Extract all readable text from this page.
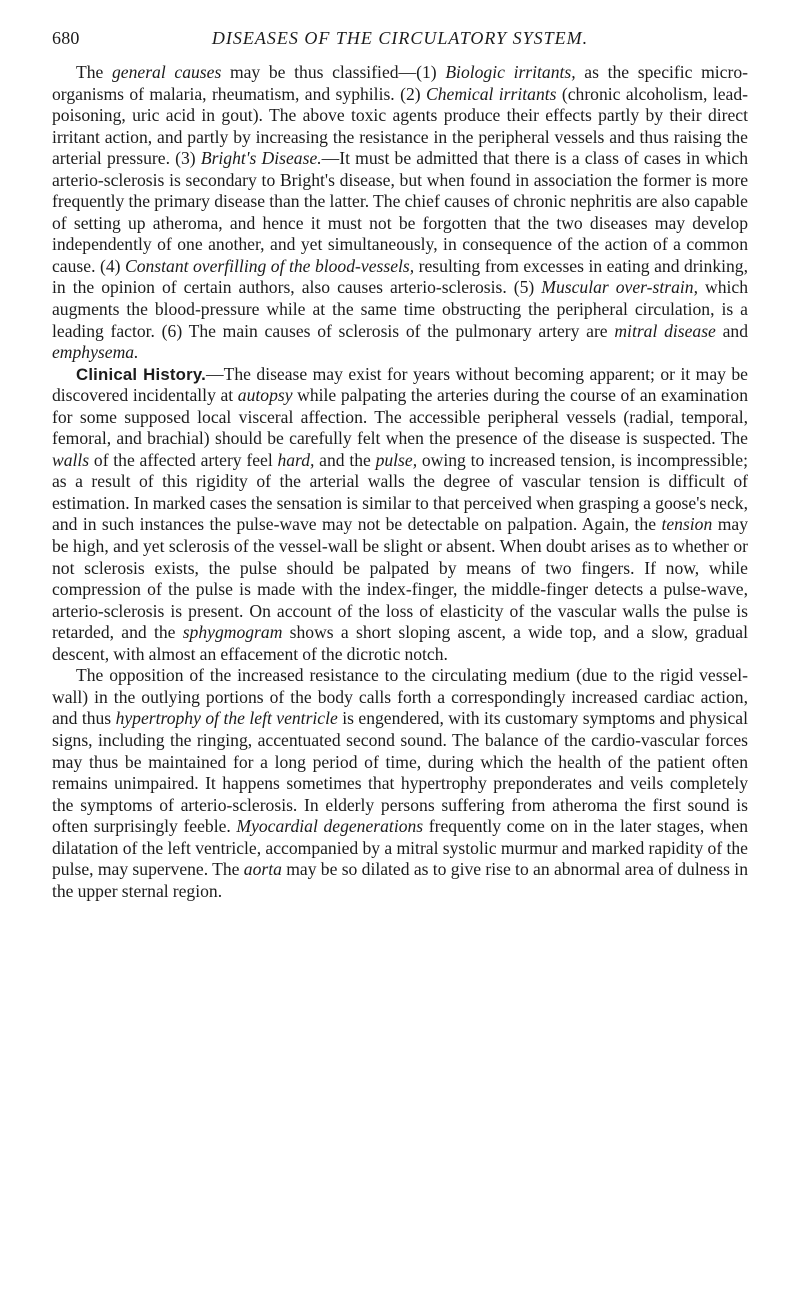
680	DISEASES OF THE CIRCULATORY SYSTEM.

The general causes may be thus classified—(1) Biologic irritants, as the specific micro-organisms of malaria, rheumatism, and syphilis. (2) Chemical irritants (chronic alcoholism, lead-poisoning, uric acid in gout). The above toxic agents produce their effects partly by their direct irritant action, and partly by increasing the resistance in the peripheral vessels and thus raising the arterial pressure. (3) Bright's Disease.—It must be admitted that there is a class of cases in which arterio-sclerosis is secondary to Bright's disease, but when found in association the former is more frequently the primary disease than the latter. The chief causes of chronic nephritis are also capable of setting up atheroma, and hence it must not be forgotten that the two diseases may develop independently of one another, and yet simultaneously, in consequence of the action of a common cause. (4) Constant overfilling of the blood-vessels, resulting from excesses in eating and drinking, in the opinion of certain authors, also causes arterio-sclerosis. (5) Muscular over-strain, which augments the blood-pressure while at the same time obstructing the peripheral circulation, is a leading factor. (6) The main causes of sclerosis of the pulmonary artery are mitral disease and emphysema.

Clinical History.—The disease may exist for years without becoming apparent; or it may be discovered incidentally at autopsy while palpating the arteries during the course of an examination for some supposed local visceral affection. The accessible peripheral vessels (radial, temporal, femoral, and brachial) should be carefully felt when the presence of the disease is suspected. The walls of the affected artery feel hard, and the pulse, owing to increased tension, is incompressible; as a result of this rigidity of the arterial walls the degree of vascular tension is difficult of estimation. In marked cases the sensation is similar to that perceived when grasping a goose's neck, and in such instances the pulse-wave may not be detectable on palpation. Again, the tension may be high, and yet sclerosis of the vessel-wall be slight or absent. When doubt arises as to whether or not sclerosis exists, the pulse should be palpated by means of two fingers. If now, while compression of the pulse is made with the index-finger, the middle-finger detects a pulse-wave, arterio-sclerosis is present. On account of the loss of elasticity of the vascular walls the pulse is retarded, and the sphygmogram shows a short sloping ascent, a wide top, and a slow, gradual descent, with almost an effacement of the dicrotic notch.

The opposition of the increased resistance to the circulating medium (due to the rigid vessel-wall) in the outlying portions of the body calls forth a correspondingly increased cardiac action, and thus hypertrophy of the left ventricle is engendered, with its customary symptoms and physical signs, including the ringing, accentuated second sound. The balance of the cardio-vascular forces may thus be maintained for a long period of time, during which the health of the patient often remains unimpaired. It happens sometimes that hypertrophy preponderates and veils completely the symptoms of arterio-sclerosis. In elderly persons suffering from atheroma the first sound is often surprisingly feeble. Myocardial degenerations frequently come on in the later stages, when dilatation of the left ventricle, accompanied by a mitral systolic murmur and marked rapidity of the pulse, may supervene. The aorta may be so dilated as to give rise to an abnormal area of dulness in the upper sternal region.
